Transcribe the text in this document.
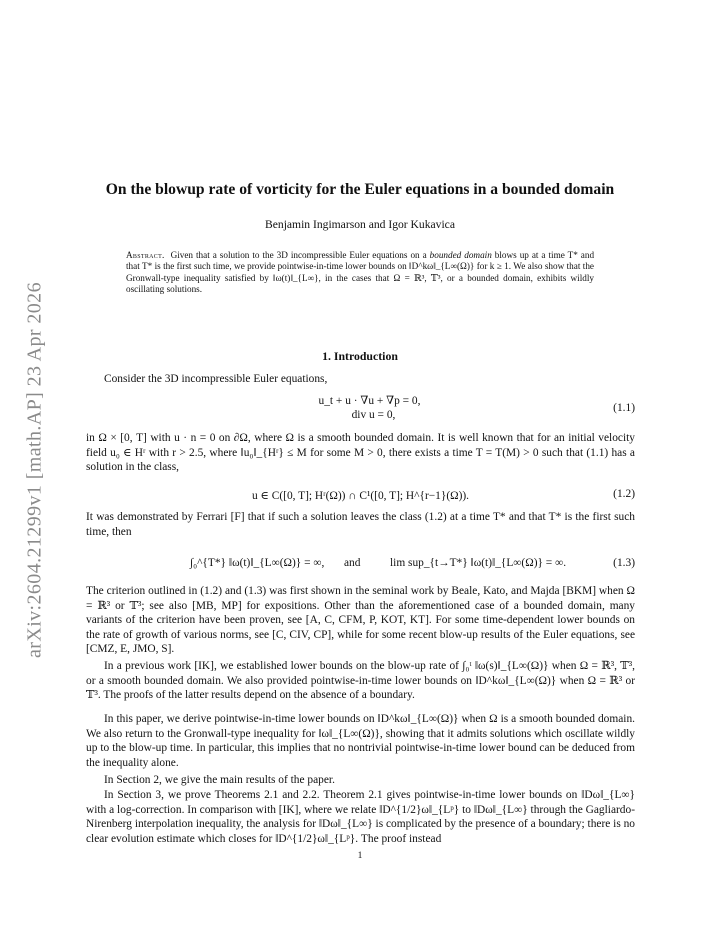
arXiv:2604.21299v1 [math.AP] 23 Apr 2026
On the blowup rate of vorticity for the Euler equations in a bounded domain
Benjamin Ingimarson and Igor Kukavica
Abstract. Given that a solution to the 3D incompressible Euler equations on a bounded domain blows up at a time T* and that T* is the first such time, we provide pointwise-in-time lower bounds on ‖D^kω‖_{L∞(Ω)} for k ≥ 1. We also show that the Gronwall-type inequality satisfied by ‖ω(t)‖_{L∞}, in the cases that Ω = ℝ³, 𝕋³, or a bounded domain, exhibits wildly oscillating solutions.
1. Introduction

Consider the 3D incompressible Euler equations,

u_t + u · ∇u + ∇p = 0,
div u = 0,
(1.1)

in Ω × [0, T] with u · n = 0 on ∂Ω, where Ω is a smooth bounded domain. It is well known that for an initial velocity field u₀ ∈ Hʳ with r > 2.5, where ‖u₀‖_{Hʳ} ≤ M for some M > 0, there exists a time T = T(M) > 0 such that (1.1) has a solution in the class,

u ∈ C([0, T]; Hʳ(Ω)) ∩ C¹([0, T]; H^{r−1}(Ω)).	(1.2)

It was demonstrated by Ferrari [F] that if such a solution leaves the class (1.2) at a time T* and that T* is the first such time, then

∫₀^{T*} ‖ω(t)‖_{L∞(Ω)} = ∞, and	lim sup_{t→T*} ‖ω(t)‖_{L∞(Ω)} = ∞.	(1.3)

The criterion outlined in (1.2) and (1.3) was first shown in the seminal work by Beale, Kato, and Majda [BKM] when Ω = ℝ³ or 𝕋³; see also [MB, MP] for expositions. Other than the aforementioned case of a bounded domain, many variants of the criterion have been proven, see [A, C, CFM, P, KOT, KT]. For some time-dependent lower bounds on the rate of growth of various norms, see [C, CIV, CP], while for some recent blow-up results of the Euler equations, see [CMZ, E, JMO, S].

In a previous work [IK], we established lower bounds on the blow-up rate of ∫₀ᵗ ‖ω(s)‖_{L∞(Ω)} when Ω = ℝ³, 𝕋³, or a smooth bounded domain. We also provided pointwise-in-time lower bounds on ‖D^kω‖_{L∞(Ω)} when Ω = ℝ³ or 𝕋³. The proofs of the latter results depend on the absence of a boundary.

In this paper, we derive pointwise-in-time lower bounds on ‖D^kω‖_{L∞(Ω)} when Ω is a smooth bounded domain. We also return to the Gronwall-type inequality for ‖ω‖_{L∞(Ω)}, showing that it admits solutions which oscillate wildly up to the blow-up time. In particular, this implies that no nontrivial pointwise-in-time lower bound can be deduced from the inequality alone.

In Section 2, we give the main results of the paper.

In Section 3, we prove Theorems 2.1 and 2.2. Theorem 2.1 gives pointwise-in-time lower bounds on ‖Dω‖_{L∞} with a log-correction. In comparison with [IK], where we relate ‖D^{1/2}ω‖_{Lᵖ} to ‖Dω‖_{L∞} through the Gagliardo-Nirenberg interpolation inequality, the analysis for ‖Dω‖_{L∞} is complicated by the presence of a boundary; there is no clear evolution estimate which closes for ‖D^{1/2}ω‖_{Lᵖ}. The proof instead

1
